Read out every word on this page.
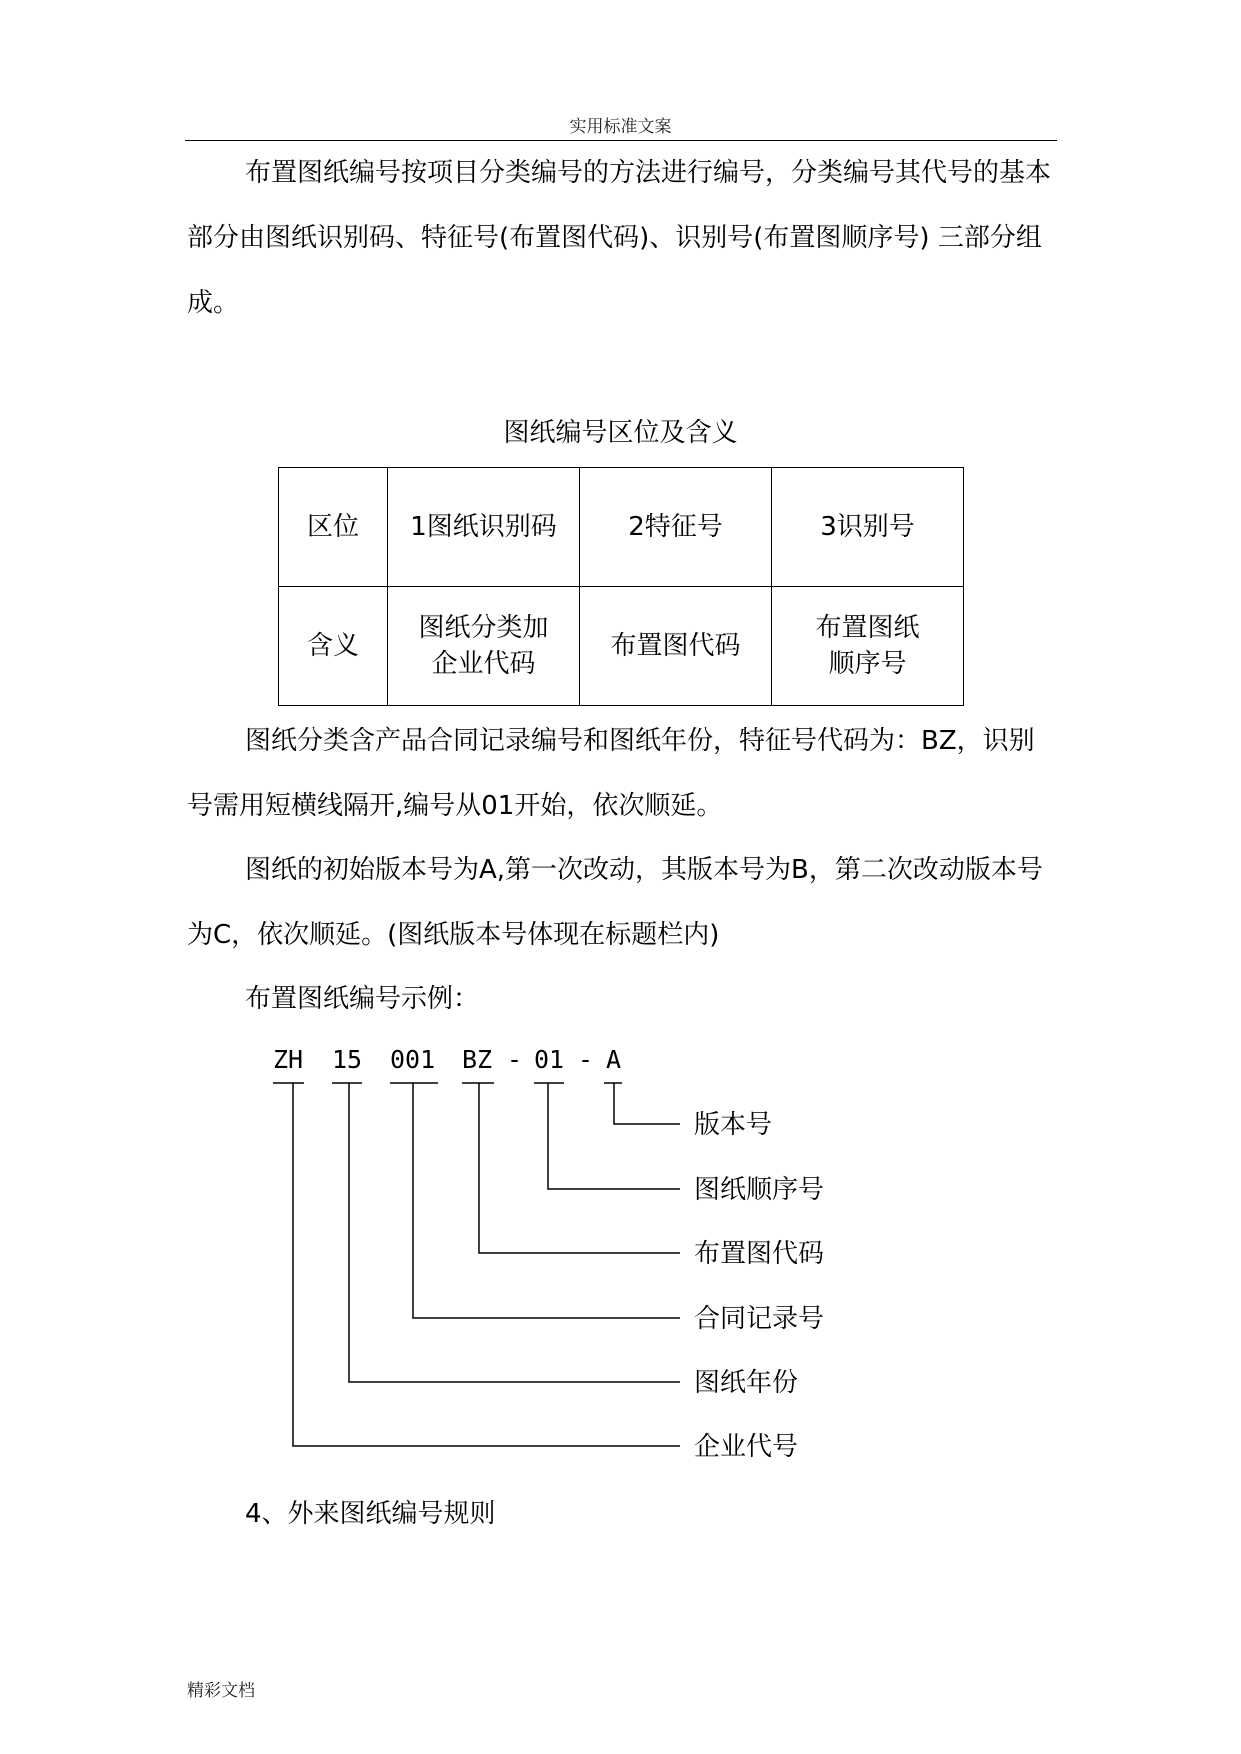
实用标准文案

布置图纸编号按项目分类编号的方法进行编号，分类编号其代号的基本部分由图纸识别码、特征号(布置图代码)、识别号(布置图顺序号) 三部分组成。

图纸编号区位及含义
区位	1图纸识别码	2特征号	3识别号
含义	图纸分类加企业代码	布置图代码	布置图纸顺序号

图纸分类含产品合同记录编号和图纸年份，特征号代码为：BZ，识别号需用短横线隔开,编号从01开始，依次顺延。

图纸的初始版本号为A,第一次改动，其版本号为B，第二次改动版本号为C，依次顺延。(图纸版本号体现在标题栏内)

布置图纸编号示例：

ZH 15 001 BZ - 01 - A
版本号
图纸顺序号
布置图代码
合同记录号
图纸年份
企业代号

4、外来图纸编号规则

精彩文档
